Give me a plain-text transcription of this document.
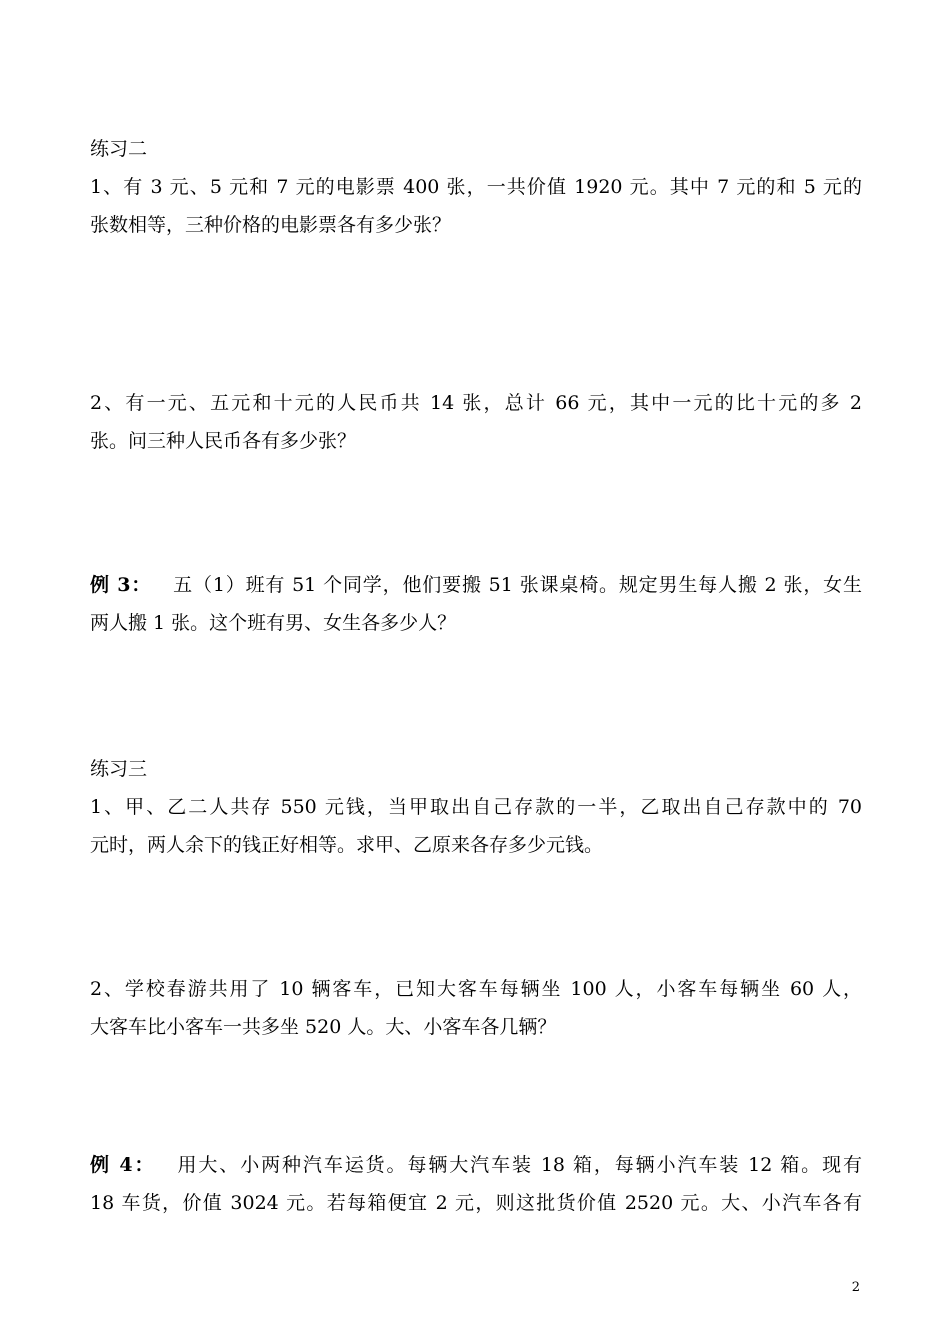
练习二
1、有 3 元、5 元和 7 元的电影票 400 张，一共价值 1920 元。其中 7 元的和 5 元的
张数相等，三种价格的电影票各有多少张？
2、有一元、五元和十元的人民币共 14 张，总计 66 元，其中一元的比十元的多 2
张。问三种人民币各有多少张？
例 3： 五（1）班有 51 个同学，他们要搬 51 张课桌椅。规定男生每人搬 2 张，女生
两人搬 1 张。这个班有男、女生各多少人？
练习三
1、甲、乙二人共存 550 元钱，当甲取出自己存款的一半，乙取出自己存款中的 70
元时，两人余下的钱正好相等。求甲、乙原来各存多少元钱。
2、学校春游共用了 10 辆客车，已知大客车每辆坐 100 人，小客车每辆坐 60 人，
大客车比小客车一共多坐 520 人。大、小客车各几辆？
例 4： 用大、小两种汽车运货。每辆大汽车装 18 箱，每辆小汽车装 12 箱。现有
18 车货，价值 3024 元。若每箱便宜 2 元，则这批货价值 2520 元。大、小汽车各有
2
